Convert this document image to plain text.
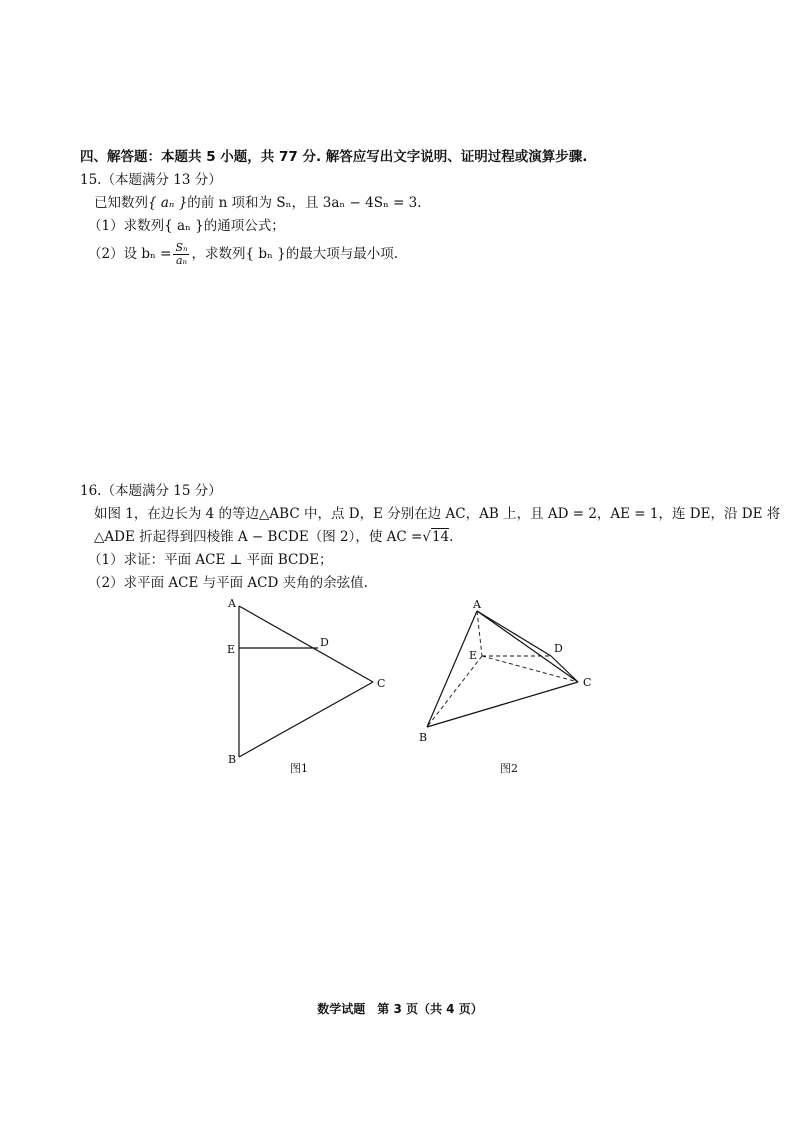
四、解答题：本题共 5 小题，共 77 分. 解答应写出文字说明、证明过程或演算步骤.
15.（本题满分 13 分）
已知数列{ aₙ }的前 n 项和为 Sₙ，且 3aₙ − 4Sₙ = 3.
（1）求数列{ aₙ }的通项公式；
（2）设 $b_n = \frac{\text{Sₙ}}{\text{aₙ}}$ ，求数列{ bₙ }的最大项与最小项.
16.（本题满分 15 分）
如图 1，在边长为 4 的等边△ABC 中，点 D，E 分别在边 AC，AB 上，且 AD = 2，AE = 1，连 DE，沿 DE 将
△ADE 折起得到四棱锥 A − BCDE（图 2），使 AC =√14.
（1）求证：平面 ACE ⊥ 平面 BCDE；
（2）求平面 ACE 与平面 ACD 夹角的余弦值.
A
E
D
C
B
图1
A
E
D
C
B
图2
数学试题　第 3 页（共 4 页）
